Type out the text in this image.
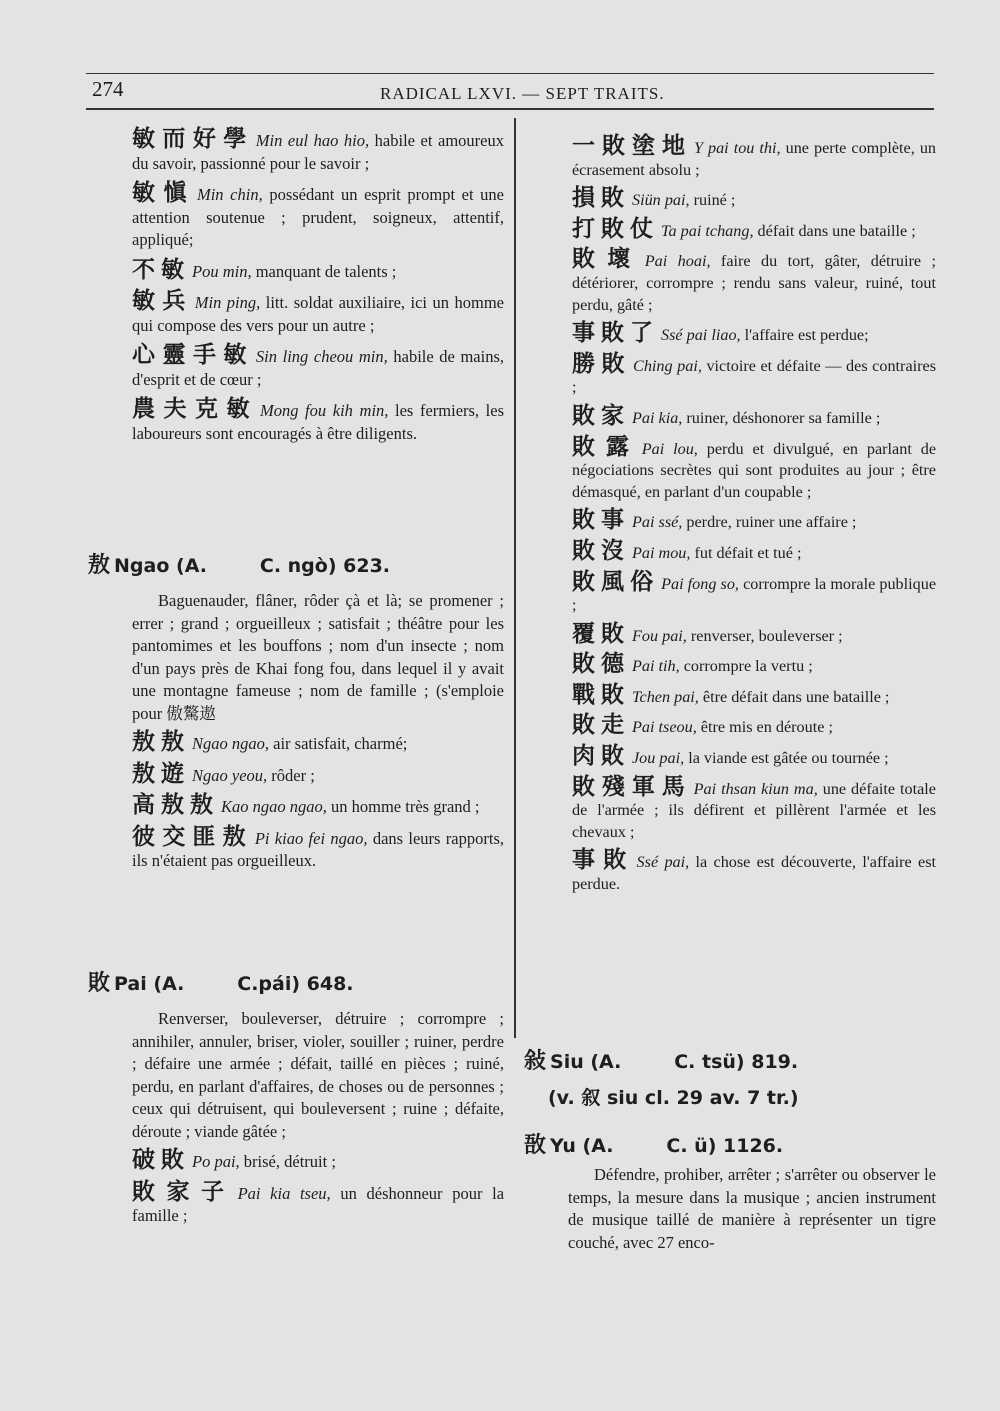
274	RADICAL LXVI. — SEPT TRAITS.
敏而好學 Min eul hao hio, habile et amoureux du savoir, passionné pour le savoir ;
敏愼 Min chin, possédant un esprit prompt et une attention soutenue ; prudent, soigneux, attentif, appliqué;
不敏 Pou min, manquant de talents ;
敏兵 Min ping, litt. soldat auxiliaire, ici un homme qui compose des vers pour un autre ;
心靈手敏 Sin ling cheou min, habile de mains, d'esprit et de cœur ;
農夫克敏 Mong fou kih min, les fermiers, les laboureurs sont encouragés à être diligents.
敖 Ngao (A.        C. ngò) 623.
Baguenauder, flâner, rôder çà et là; se promener ; errer ; grand ; orgueilleux ; satisfait ; théâtre pour les pantomimes et les bouffons ; nom d'un insecte ; nom d'un pays près de Khai fong fou, dans lequel il y avait une montagne fameuse ; nom de famille ; (s'emploie pour 傲驁遨
敖敖 Ngao ngao, air satisfait, charmé;
敖遊 Ngao yeou, rôder ;
高敖敖 Kao ngao ngao, un homme très grand ;
彼交匪敖 Pi kiao fei ngao, dans leurs rapports, ils n'étaient pas orgueilleux.
敗 Pai (A.        C.pái) 648.
Renverser, bouleverser, détruire ; corrompre ; annihiler, annuler, briser, violer, souiller ; ruiner, perdre ; défaire une armée ; défait, taillé en pièces ; ruiné, perdu, en parlant d'affaires, de choses ou de personnes ; ceux qui détruisent, qui bouleversent ; ruine ; défaite, déroute ; viande gâtée ;
破敗 Po pai, brisé, détruit ;
敗家子 Pai kia tseu, un déshonneur pour la famille ;
一敗塗地 Y pai tou thi, une perte complète, un écrasement absolu ;
損敗 Siün pai, ruiné ;
打敗仗 Ta pai tchang, défait dans une bataille ;
敗壞 Pai hoai, faire du tort, gâter, détruire ; détériorer, corrompre ; rendu sans valeur, ruiné, tout perdu, gâté ;
事敗了 Ssé pai liao, l'affaire est perdue;
勝敗 Ching pai, victoire et défaite — des contraires ;
敗家 Pai kia, ruiner, déshonorer sa famille ;
敗露 Pai lou, perdu et divulgué, en parlant de négociations secrètes qui sont produites au jour ; être démasqué, en parlant d'un coupable ;
敗事 Pai ssé, perdre, ruiner une affaire ;
敗沒 Pai mou, fut défait et tué ;
敗風俗 Pai fong so, corrompre la morale publique ;
覆敗 Fou pai, renverser, bouleverser ;
敗德 Pai tih, corrompre la vertu ;
戰敗 Tchen pai, être défait dans une bataille ;
敗走 Pai tseou, être mis en déroute ;
肉敗 Jou pai, la viande est gâtée ou tournée ;
敗殘軍馬 Pai thsan kiun ma, une défaite totale de l'armée ; ils défirent et pillèrent l'armée et les chevaux ;
事敗 Ssé pai, la chose est découverte, l'affaire est perdue.
敍 Siu (A.        C. tsü) 819.
(v. 叙 siu cl. 29 av. 7 tr.)
敔 Yu (A.        C. ü) 1126.
Défendre, prohiber, arrêter ; s'arrêter ou observer le temps, la mesure dans la musique ; ancien instrument de musique taillé de manière à représenter un tigre couché, avec 27 enco-
